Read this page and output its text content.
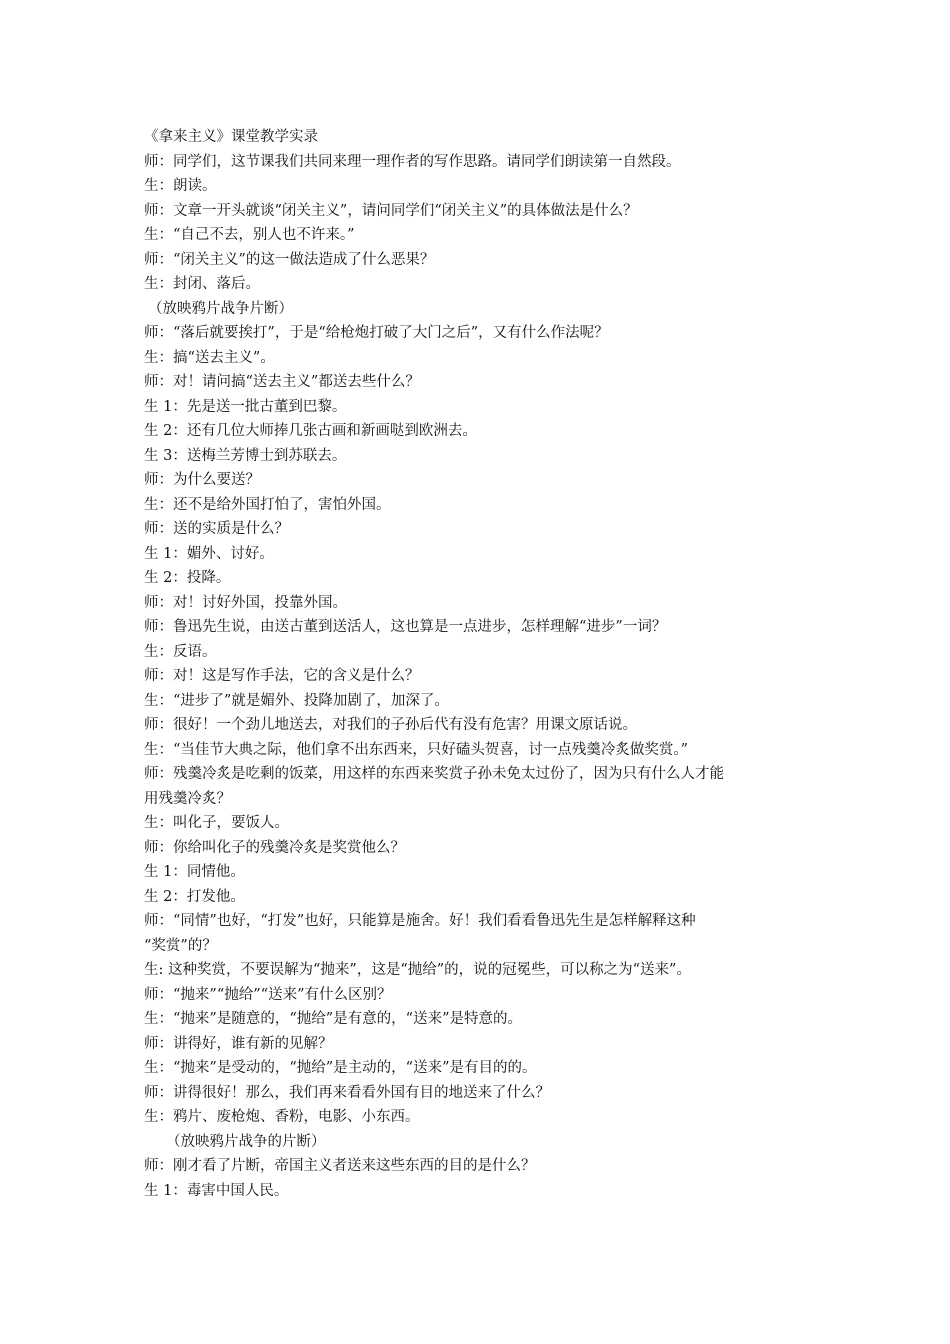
《拿来主义》课堂教学实录
师：同学们，这节课我们共同来理一理作者的写作思路。请同学们朗读第一自然段。
生：朗读。
师：文章一开头就谈“闭关主义”，请问同学们“闭关主义”的具体做法是什么？
生：“自己不去，别人也不许来。”
师：“闭关主义”的这一做法造成了什么恶果？
生：封闭、落后。
（放映鸦片战争片断）
师：“落后就要挨打”，于是“给枪炮打破了大门之后”，又有什么作法呢？
生：搞“送去主义”。
师：对！请问搞“送去主义”都送去些什么？
生 1：先是送一批古董到巴黎。
生 2：还有几位大师捧几张古画和新画哒到欧洲去。
生 3：送梅兰芳博士到苏联去。
师：为什么要送？
生：还不是给外国打怕了，害怕外国。
师：送的实质是什么？
生 1：媚外、讨好。
生 2：投降。
师：对！讨好外国，投靠外国。
师：鲁迅先生说，由送古董到送活人，这也算是一点进步，怎样理解“进步”一词？
生：反语。
师：对！这是写作手法，它的含义是什么？
生：“进步了”就是媚外、投降加剧了，加深了。
师：很好！一个劲儿地送去，对我们的子孙后代有没有危害？用课文原话说。
生：“当佳节大典之际，他们拿不出东西来，只好磕头贺喜，讨一点残羹冷炙做奖赏。”
师：残羹冷炙是吃剩的饭菜，用这样的东西来奖赏子孙未免太过份了，因为只有什么人才能
用残羹冷炙？
生：叫化子，要饭人。
师：你给叫化子的残羹冷炙是奖赏他么？
生 1：同情他。
生 2：打发他。
师：“同情”也好，“打发”也好，只能算是施舍。好！我们看看鲁迅先生是怎样解释这种
“奖赏”的？
生: 这种奖赏，不要误解为“抛来”，这是“抛给”的，说的冠冕些，可以称之为“送来”。
师：“抛来”“抛给”“送来”有什么区别？
生：“抛来”是随意的，“抛给”是有意的，“送来”是特意的。
师：讲得好，谁有新的见解？
生：“抛来”是受动的，“抛给”是主动的，“送来”是有目的的。
师：讲得很好！那么，我们再来看看外国有目的地送来了什么？
生：鸦片、废枪炮、香粉，电影、小东西。
（放映鸦片战争的片断）
师：刚才看了片断，帝国主义者送来这些东西的目的是什么？
生 1：毒害中国人民。
